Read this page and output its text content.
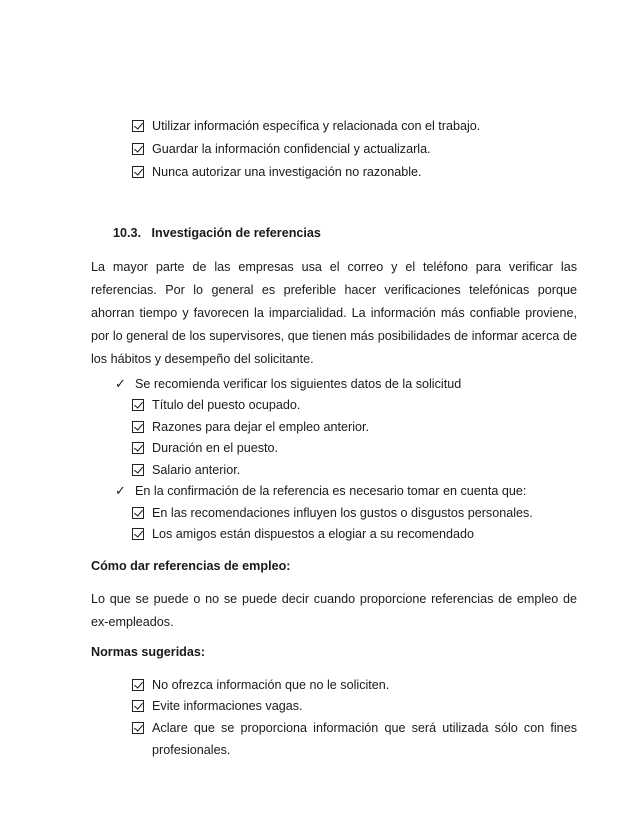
Utilizar información específica y relacionada con el trabajo.
Guardar la información confidencial y actualizarla.
Nunca autorizar una investigación no razonable.
10.3. Investigación de referencias
La mayor parte de las empresas usa el correo y el teléfono para verificar las referencias. Por lo general es preferible hacer verificaciones telefónicas porque ahorran tiempo y favorecen la imparcialidad. La información más confiable proviene, por lo general de los supervisores, que tienen más posibilidades de informar acerca de los hábitos y desempeño del solicitante.
✓ Se recomienda verificar los siguientes datos de la solicitud
Título del puesto ocupado.
Razones para dejar el empleo anterior.
Duración en el puesto.
Salario anterior.
✓ En la confirmación de la referencia es necesario tomar en cuenta que:
En las recomendaciones influyen los gustos o disgustos personales.
Los amigos están dispuestos a elogiar a su recomendado
Cómo dar referencias de empleo:
Lo que se puede o no se puede decir cuando proporcione referencias de empleo de ex-empleados.
Normas sugeridas:
No ofrezca información que no le soliciten.
Evite informaciones vagas.
Aclare que se proporciona información que será utilizada sólo con fines profesionales.
